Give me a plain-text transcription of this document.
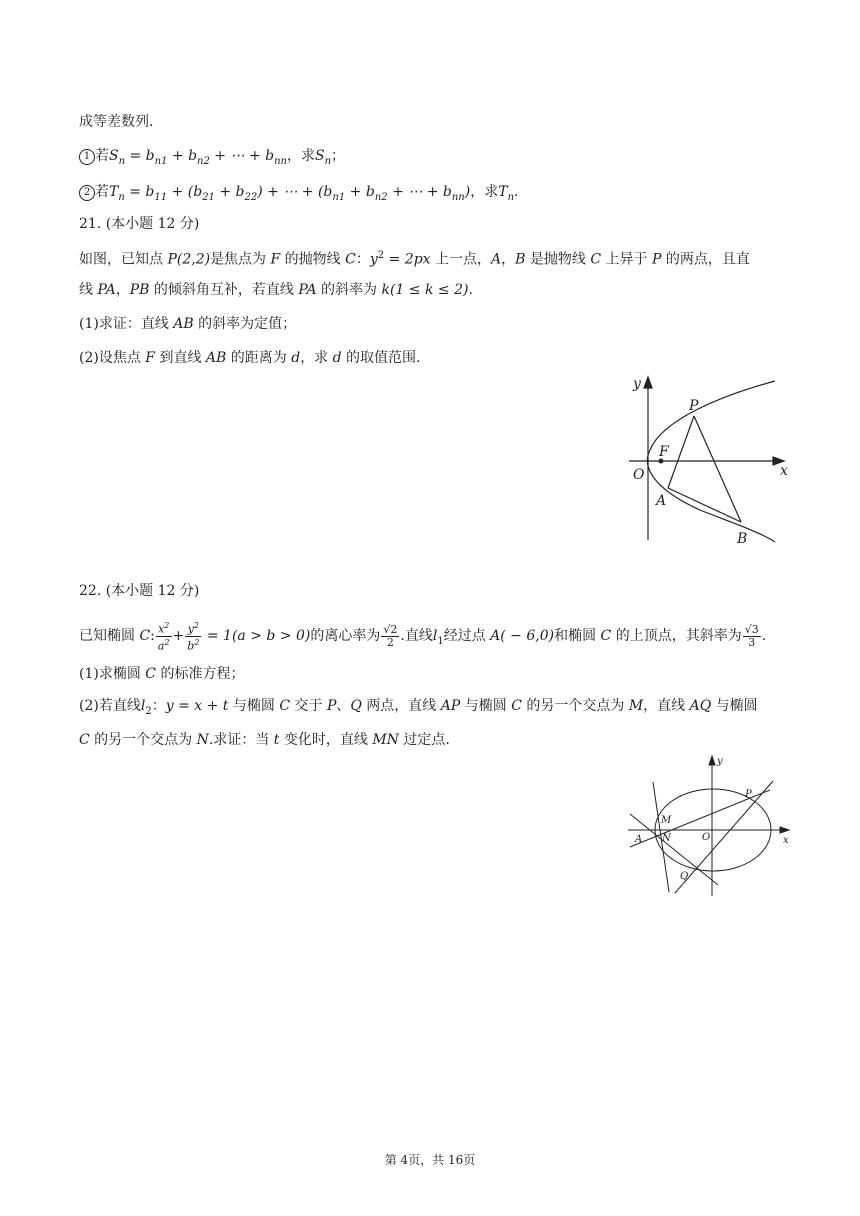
成等差数列.
1 若$S_n = b_{n1} + b_{n2}$ + ⋯ + $b_{nn}$，求$S_n$；
2 若$T_n = b_{11} + (b_{21} + b_{22})$ + ⋯ + ($b_{n1} + b_{n2}$ + ⋯ + $b_{nn}$)，求$T_n$.
21. (本小题 12 分)
如图，已知点 P(2,2)是焦点为 F 的抛物线 C：$y^2 = 2px$ 上一点，A，B 是抛物线 C 上异于 P 的两点，且直
线 PA，PB 的倾斜角互补，若直线 PA 的斜率为 k(1 ≤ k ≤ 2).
(1)求证：直线 AB 的斜率为定值；
(2)设焦点 F 到直线 AB 的距离为 d，求 d 的取值范围.
y
x
O
F
P
A
B
22. (本小题 12 分)
已知椭圆 C: $\frac{x^2}{a^2} + \frac{y^2}{b^2} = 1(a > b > 0)$的离心率为 $\frac{√2}{2}$ .直线$l_1$经过点 A( − 6,0)和椭圆 C 的上顶点，其斜率为 $\frac{√3}{3}$ .
(1)求椭圆 C 的标准方程；
(2)若直线$l_2$：y = x + t 与椭圆 C 交于 P、Q 两点，直线 AP 与椭圆 C 的另一个交点为 M，直线 AQ 与椭圆
C 的另一个交点为 N.求证：当 t 变化时，直线 MN 过定点.
y
x
O
M
N
A
P
Q
第 4页，共 16页
